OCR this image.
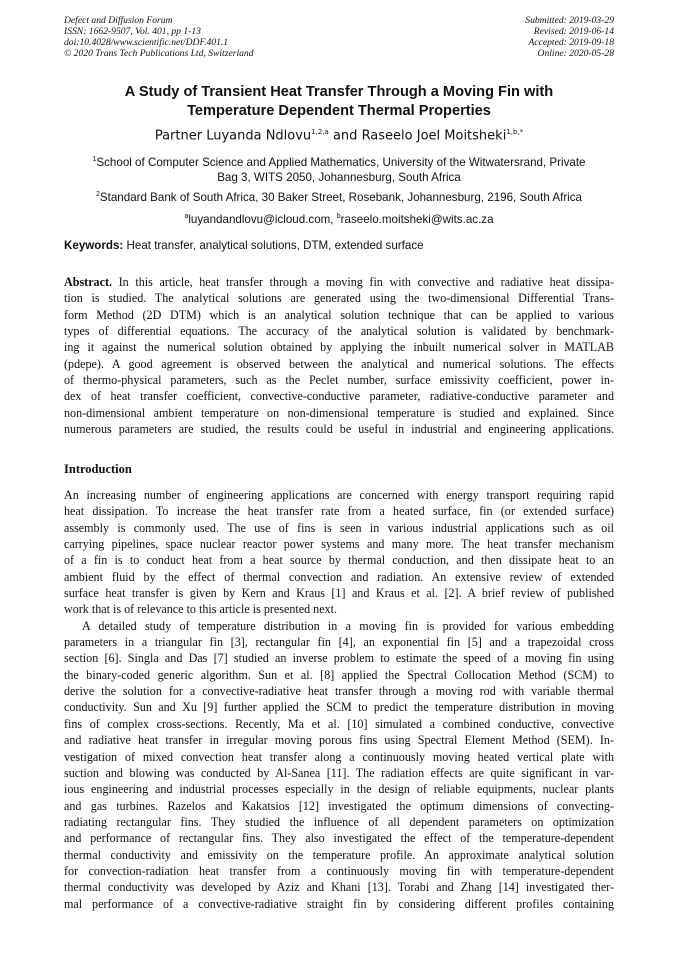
Defect and Diffusion Forum
ISSN: 1662-9507, Vol. 401, pp 1-13
doi:10.4028/www.scientific.net/DDF.401.1
© 2020 Trans Tech Publications Ltd, Switzerland
Submitted: 2019-03-29
Revised: 2019-06-14
Accepted: 2019-09-18
Online: 2020-05-28
A Study of Transient Heat Transfer Through a Moving Fin with
Temperature Dependent Thermal Properties
Partner Luyanda Ndlovu$^{1,2,a}$ and Raseelo Joel Moitsheki$^{1,b,*}$
$^1$School of Computer Science and Applied Mathematics, University of the Witwatersrand, Private
Bag 3, WITS 2050, Johannesburg, South Africa
$^2$Standard Bank of South Africa, 30 Baker Street, Rosebank, Johannesburg, 2196, South Africa
$^a$luyandandlovu@icloud.com, $^b$raseelo.moitsheki@wits.ac.za
Keywords: Heat transfer, analytical solutions, DTM, extended surface
Abstract. In this article, heat transfer through a moving fin with convective and radiative heat dissipa-
tion is studied. The analytical solutions are generated using the two-dimensional Differential Trans-
form Method (2D DTM) which is an analytical solution technique that can be applied to various
types of differential equations. The accuracy of the analytical solution is validated by benchmark-
ing it against the numerical solution obtained by applying the inbuilt numerical solver in MATLAB
(pdepe). A good agreement is observed between the analytical and numerical solutions. The effects
of thermo-physical parameters, such as the Peclet number, surface emissivity coefficient, power in-
dex of heat transfer coefficient, convective-conductive parameter, radiative-conductive parameter and
non-dimensional ambient temperature on non-dimensional temperature is studied and explained. Since
numerous parameters are studied, the results could be useful in industrial and engineering applications.
Introduction
An increasing number of engineering applications are concerned with energy transport requiring rapid
heat dissipation. To increase the heat transfer rate from a heated surface, fin (or extended surface)
assembly is commonly used. The use of fins is seen in various industrial applications such as oil
carrying pipelines, space nuclear reactor power systems and many more. The heat transfer mechanism
of a fin is to conduct heat from a heat source by thermal conduction, and then dissipate heat to an
ambient fluid by the effect of thermal convection and radiation. An extensive review of extended
surface heat transfer is given by Kern and Kraus [1] and Kraus et al. [2]. A brief review of published
work that is of relevance to this article is presented next.
A detailed study of temperature distribution in a moving fin is provided for various embedding
parameters in a triangular fin [3], rectangular fin [4], an exponential fin [5] and a trapezoidal cross
section [6]. Singla and Das [7] studied an inverse problem to estimate the speed of a moving fin using
the binary-coded generic algorithm. Sun et al. [8] applied the Spectral Collocation Method (SCM) to
derive the solution for a convective-radiative heat transfer through a moving rod with variable thermal
conductivity. Sun and Xu [9] further applied the SCM to predict the temperature distribution in moving
fins of complex cross-sections. Recently, Ma et al. [10] simulated a combined conductive, convective
and radiative heat transfer in irregular moving porous fins using Spectral Element Method (SEM). In-
vestigation of mixed convection heat transfer along a continuously moving heated vertical plate with
suction and blowing was conducted by Al-Sanea [11]. The radiation effects are quite significant in var-
ious engineering and industrial processes especially in the design of reliable equipments, nuclear plants
and gas turbines. Razelos and Kakatsios [12] investigated the optimum dimensions of convecting-
radiating rectangular fins. They studied the influence of all dependent parameters on optimization
and performance of rectangular fins. They also investigated the effect of the temperature-dependent
thermal conductivity and emissivity on the temperature profile. An approximate analytical solution
for convection-radiation heat transfer from a continuously moving fin with temperature-dependent
thermal conductivity was developed by Aziz and Khani [13]. Torabi and Zhang [14] investigated ther-
mal performance of a convective-radiative straight fin by considering different profiles containing
